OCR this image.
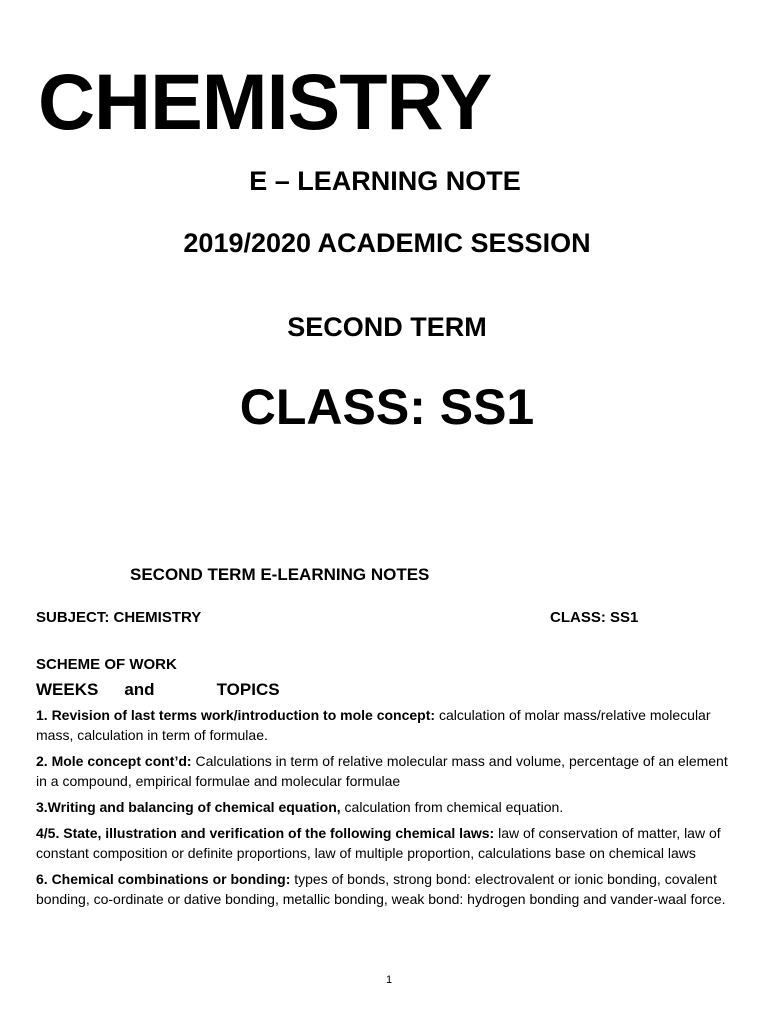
CHEMISTRY
E – LEARNING NOTE
2019/2020 ACADEMIC SESSION
SECOND TERM
CLASS: SS1
SECOND TERM E-LEARNING NOTES
SUBJECT: CHEMISTRY	CLASS: SS1
SCHEME OF WORK
WEEKS and	TOPICS

1. Revision of last terms work/introduction to mole concept: calculation of molar mass/relative molecular mass, calculation in term of formulae.

2. Mole concept cont’d: Calculations in term of relative molecular mass and volume, percentage of an element in a compound, empirical formulae and molecular formulae

3.Writing and balancing of chemical equation, calculation from chemical equation.

4/5. State, illustration and verification of the following chemical laws: law of conservation of matter, law of constant composition or definite proportions, law of multiple proportion, calculations base on chemical laws

6. Chemical combinations or bonding: types of bonds, strong bond: electrovalent or ionic bonding, covalent bonding, co-ordinate or dative bonding, metallic bonding, weak bond: hydrogen bonding and vander-waal force.

1
